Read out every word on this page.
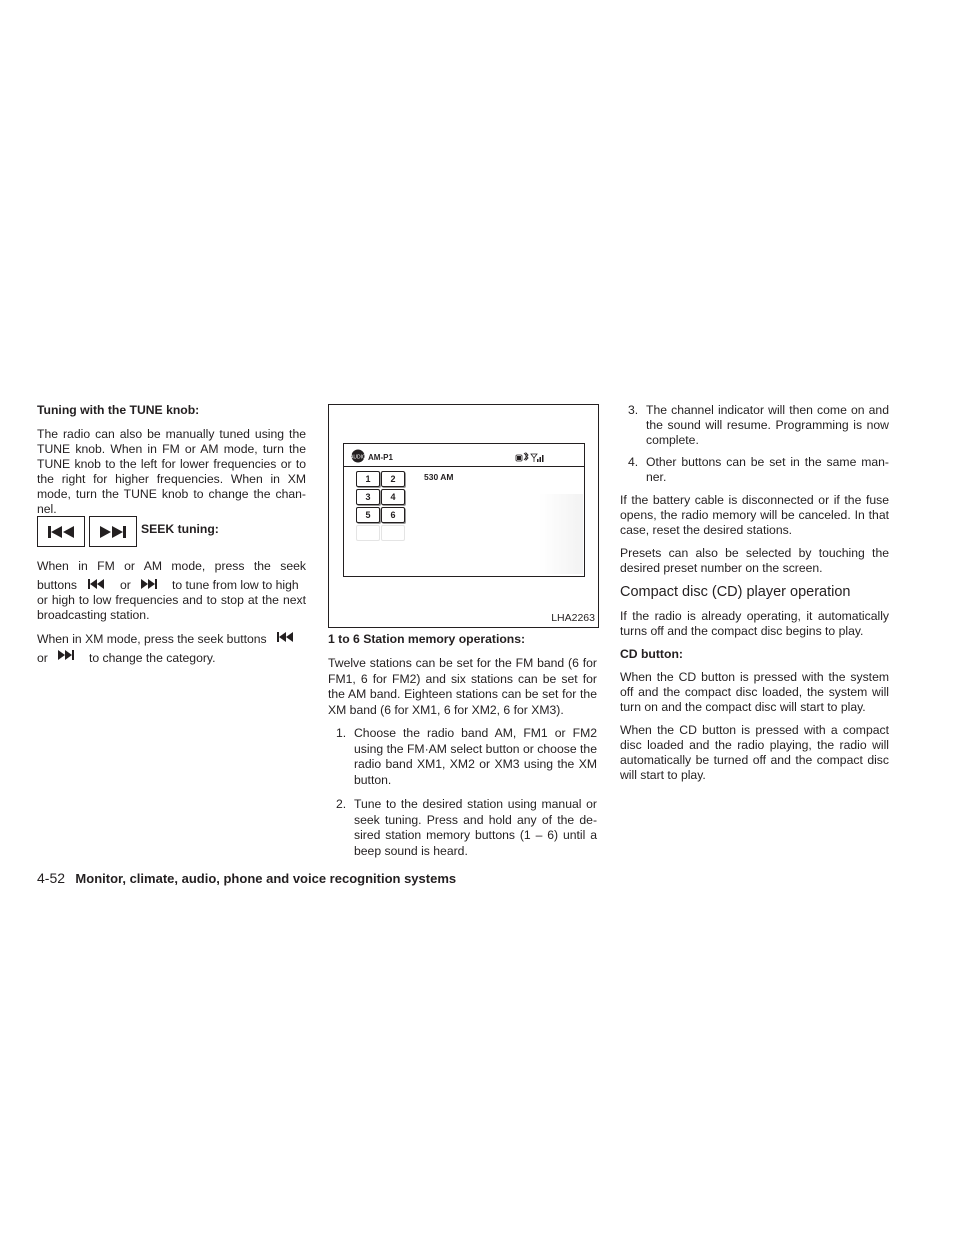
Tuning with the TUNE knob:

The radio can also be manually tuned using the TUNE knob. When in FM or AM mode, turn the TUNE knob to the left for lower frequencies or to the right for higher frequencies. When in XM mode, turn the TUNE knob to change the chan-nel.

SEEK tuning:

When in FM or AM mode, press the seek

buttons	or	to tune from low to high

or high to low frequencies and to stop at the next broadcasting station.

When in XM mode, press the seek buttons
or	to change the category.
AUDIO AM-P1
1	2
3	4
5	6
530 AM
LHA2263

1 to 6 Station memory operations:

Twelve stations can be set for the FM band (6 for FM1, 6 for FM2) and six stations can be set for the AM band. Eighteen stations can be set for the XM band (6 for XM1, 6 for XM2, 6 for XM3).

1. Choose the radio band AM, FM1 or FM2 using the FM·AM select button or choose the radio band XM1, XM2 or XM3 using the XM button.

2. Tune to the desired station using manual or seek tuning. Press and hold any of the de-sired station memory buttons (1 – 6) until a beep sound is heard.

3. The channel indicator will then come on and the sound will resume. Programming is now complete.

4. Other buttons can be set in the same man-ner.

If the battery cable is disconnected or if the fuse opens, the radio memory will be canceled. In that case, reset the desired stations.

Presets can also be selected by touching the desired preset number on the screen.

Compact disc (CD) player operation

If the radio is already operating, it automatically turns off and the compact disc begins to play.

CD button:

When the CD button is pressed with the system off and the compact disc loaded, the system will turn on and the compact disc will start to play.

When the CD button is pressed with a compact disc loaded and the radio playing, the radio will automatically be turned off and the compact disc will start to play.

4-52 Monitor, climate, audio, phone and voice recognition systems
